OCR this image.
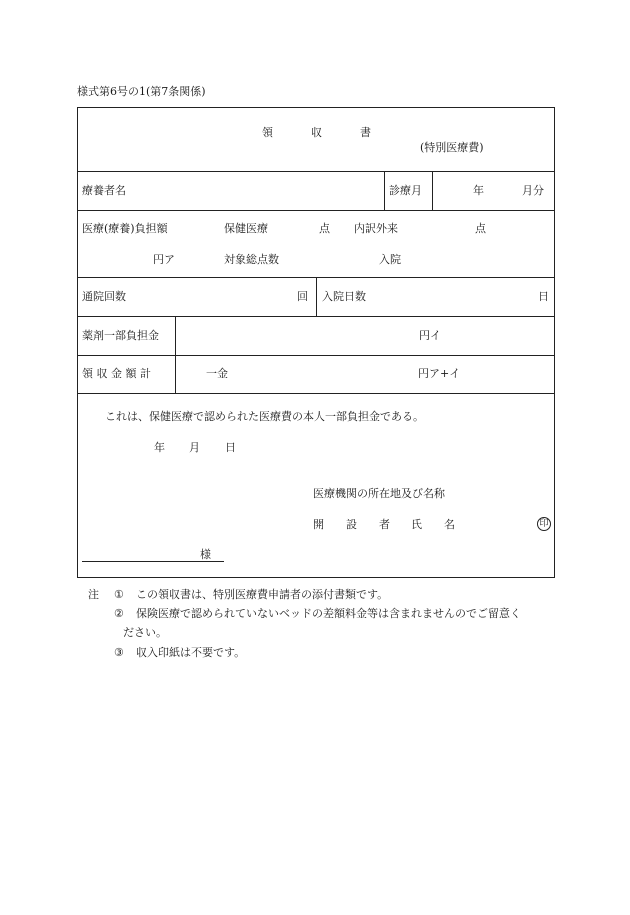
様式第6号の1(第7条関係)
領	収	書
(特別医療費)
療養者名	診療月	年	月分
医療(療養)負担額	保健医療	点 内訳外来	点
円ア	対象総点数	入院
通院回数	回 入院日数	日
薬剤一部負担金	円イ
領 収 金 額 計	一金	円ア+イ
これは、保健医療で認められた医療費の本人一部負担金である。
年 月 日
医療機関の所在地及び名称
開 設 者 氏 名	印
様
注 ① この領収書は、特別医療費申請者の添付書類です。
② 保険医療で認められていないベッドの差額料金等は含まれませんのでご留意く
ださい。
③ 収入印紙は不要です。
